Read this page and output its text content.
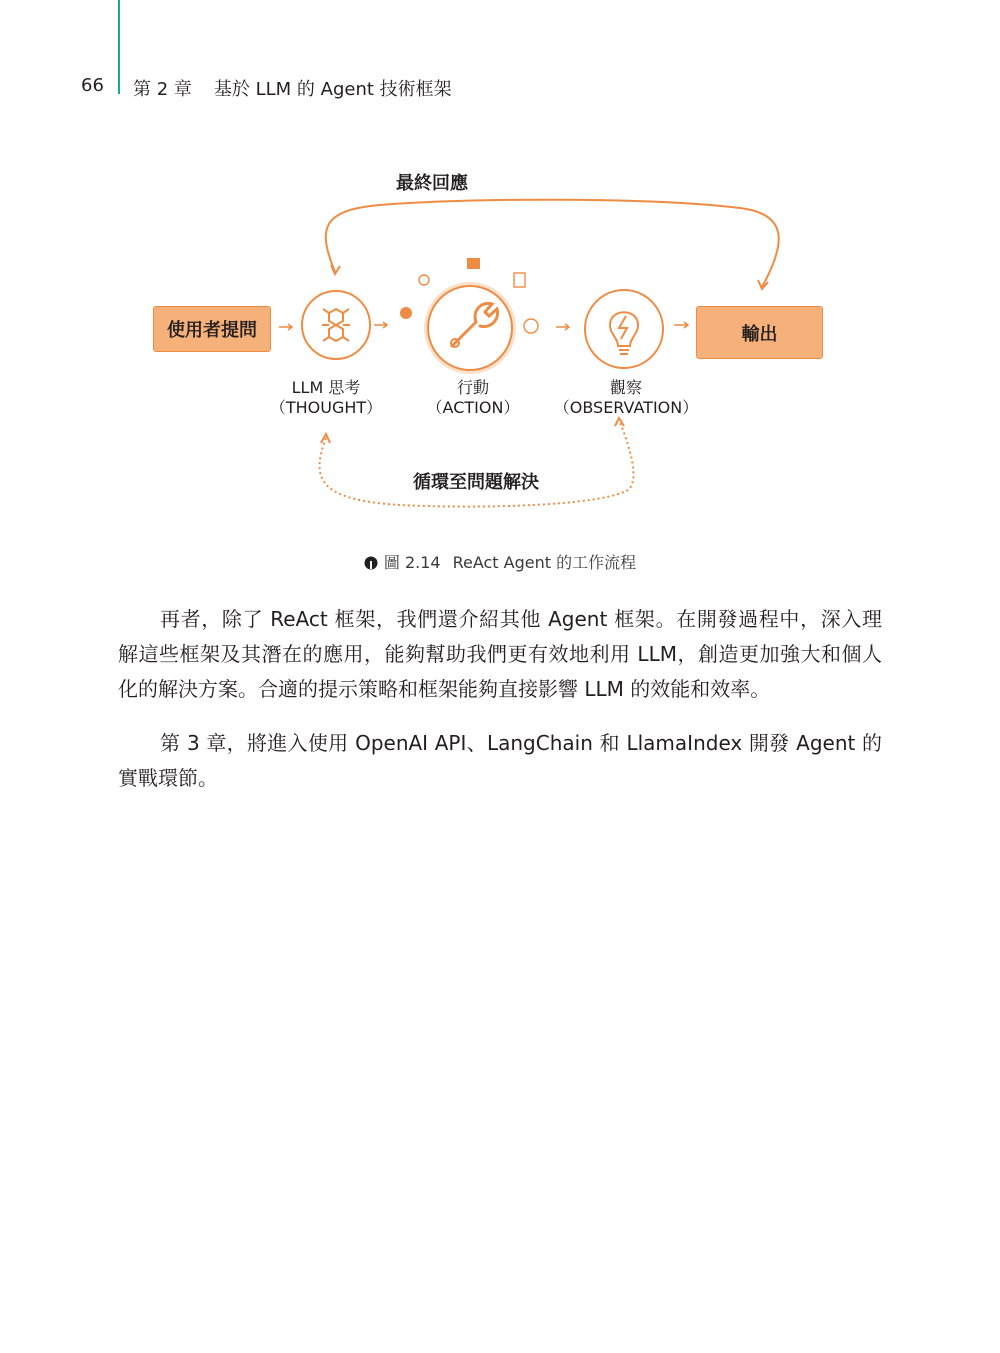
66 第 2 章 基於 LLM 的 Agent 技術框架
使用者提問	輸出
最終回應
循環至問題解決
LLM 思考
（THOUGHT）
行動
（ACTION）
觀察
（OBSERVATION）
圖 2.14 ReAct Agent 的工作流程
再者，除了 ReAct 框架，我們還介紹其他 Agent 框架。在開發過程中，深入理解這些框架及其潛在的應用，能夠幫助我們更有效地利用 LLM，創造更加強大和個人化的解決方案。合適的提示策略和框架能夠直接影響 LLM 的效能和效率。
第 3 章，將進入使用 OpenAI API、LangChain 和 LlamaIndex 開發 Agent 的實戰環節。
